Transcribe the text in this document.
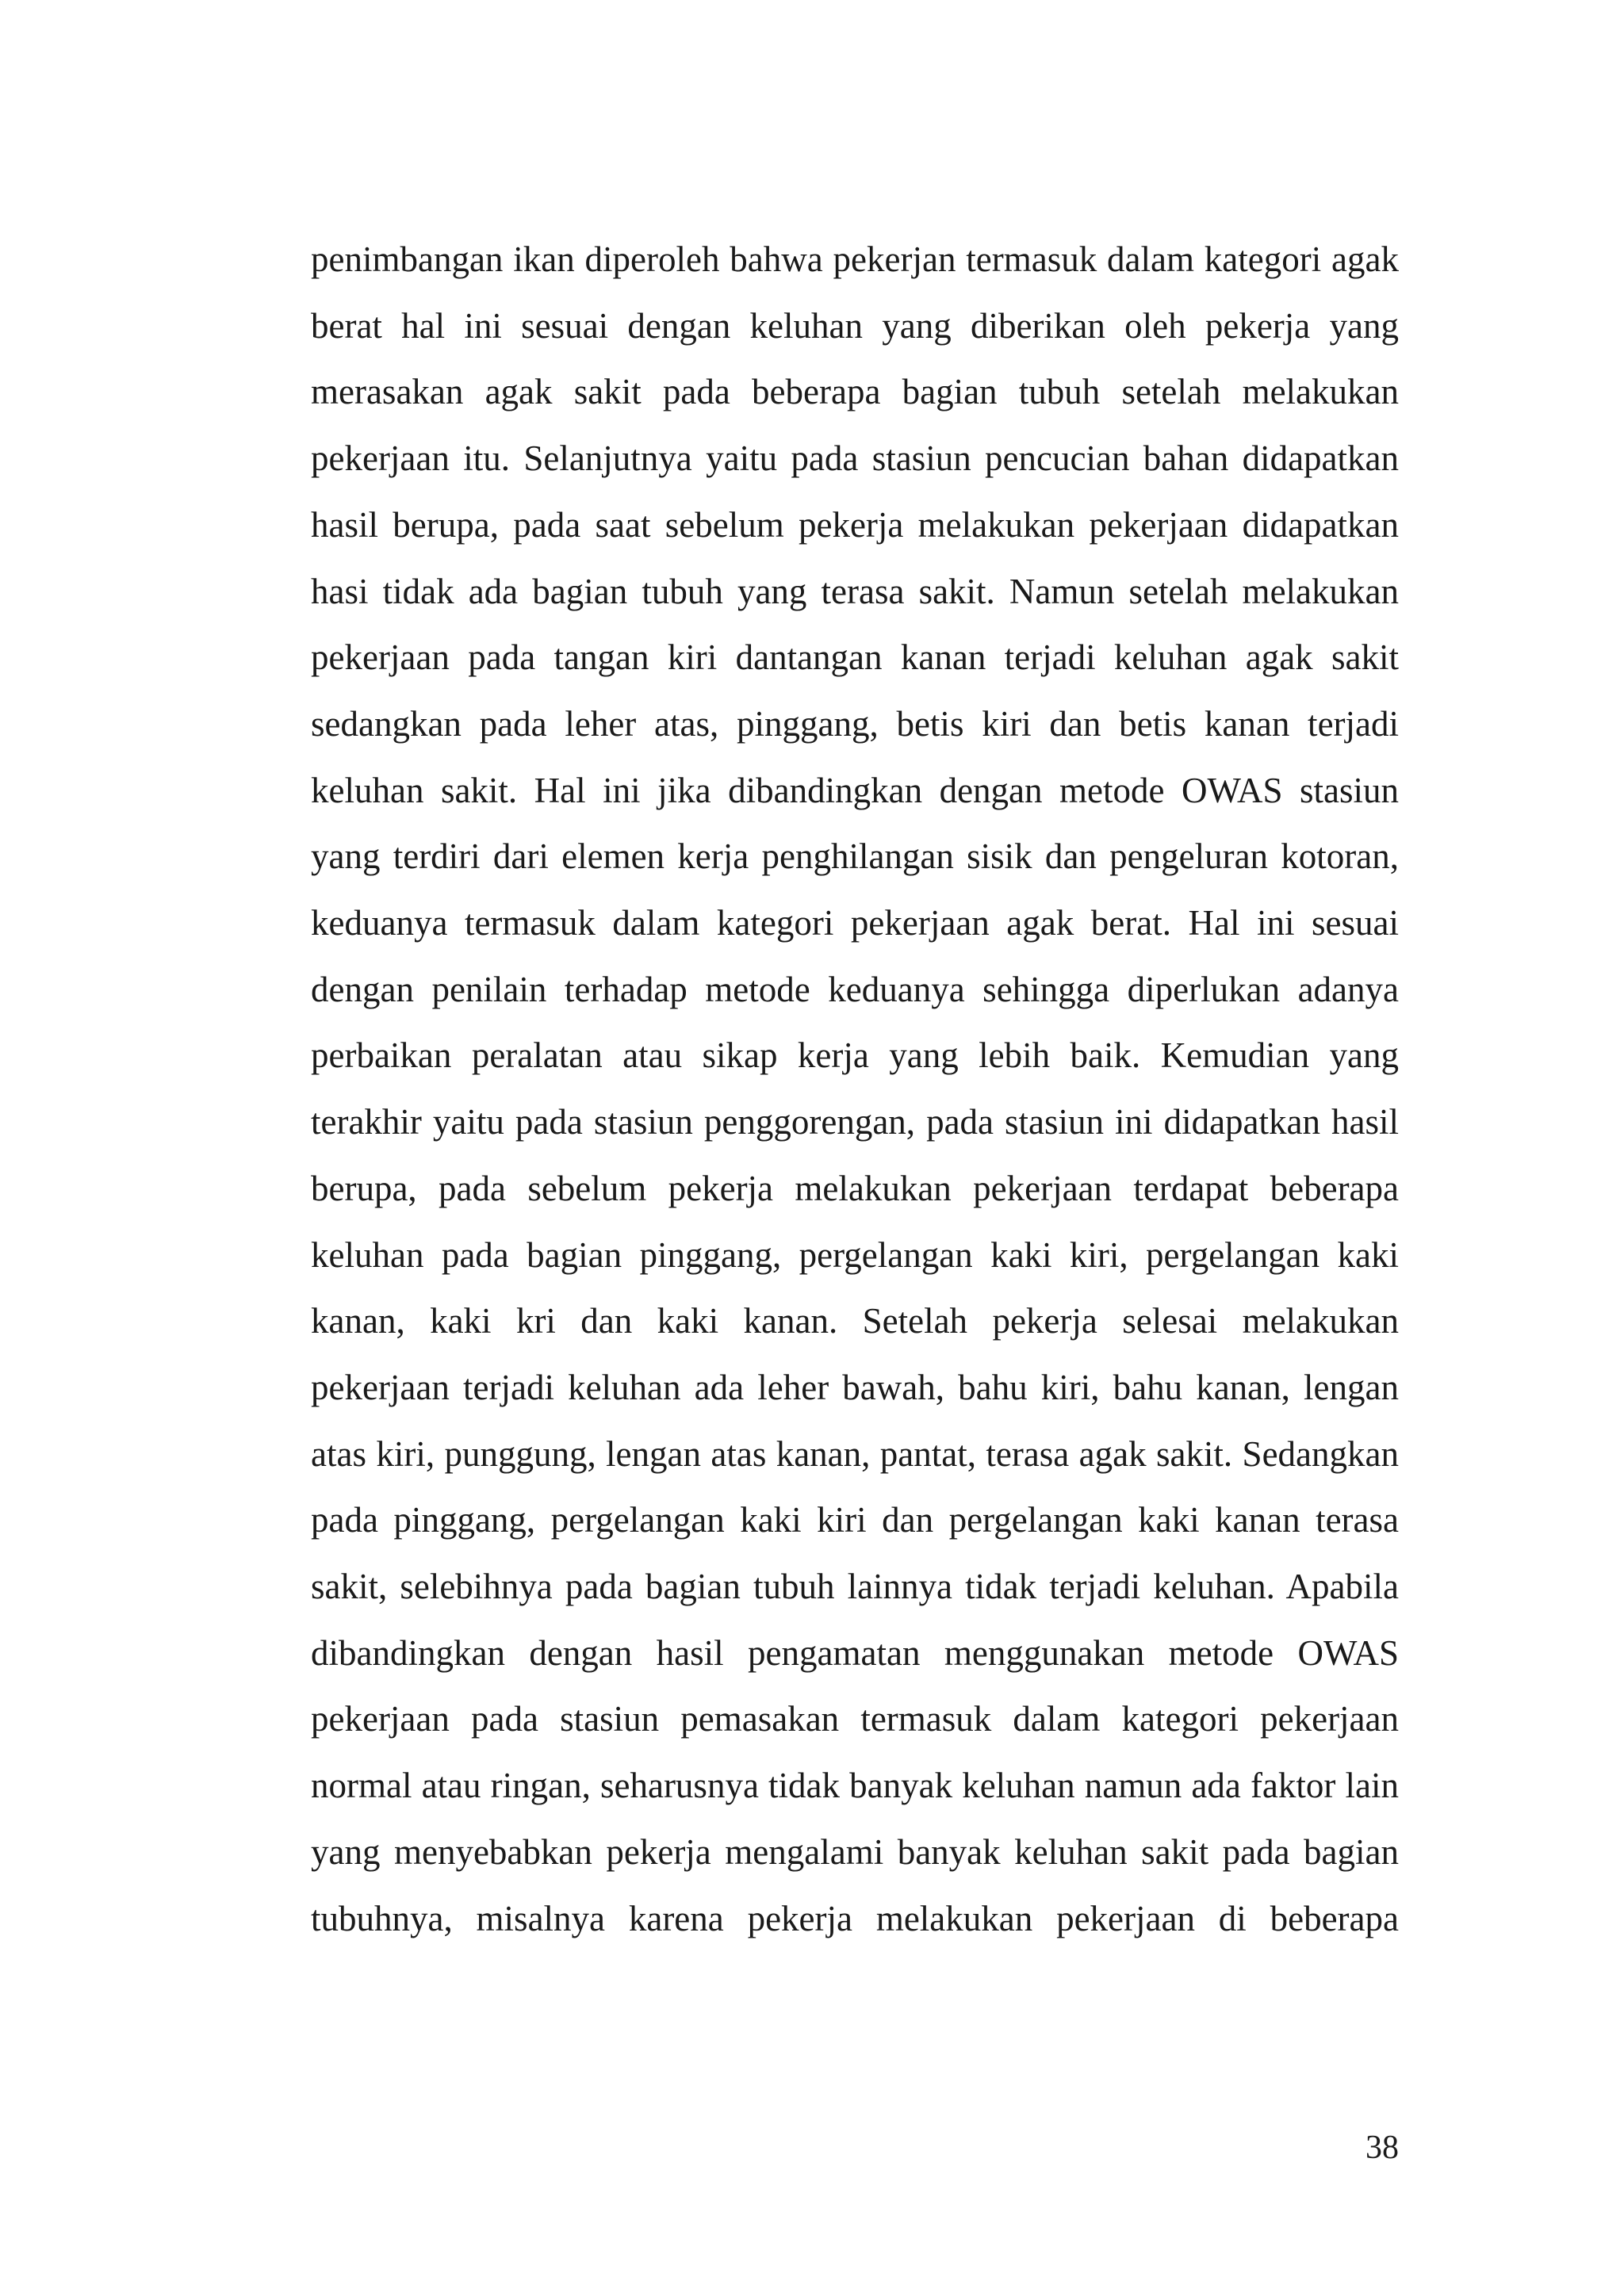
penimbangan ikan diperoleh bahwa pekerjan termasuk dalam kategori agak berat hal ini sesuai dengan keluhan yang diberikan oleh pekerja yang merasakan agak sakit pada beberapa bagian tubuh setelah melakukan pekerjaan itu. Selanjutnya yaitu pada stasiun pencucian bahan didapatkan hasil berupa, pada saat sebelum pekerja melakukan pekerjaan didapatkan hasi tidak ada bagian tubuh yang terasa sakit. Namun setelah melakukan pekerjaan pada tangan kiri dantangan kanan terjadi keluhan agak sakit sedangkan pada leher atas, pinggang, betis kiri dan betis kanan terjadi keluhan sakit. Hal ini jika dibandingkan dengan metode OWAS stasiun yang terdiri dari elemen kerja penghilangan sisik dan pengeluran kotoran, keduanya termasuk dalam kategori pekerjaan agak berat. Hal ini sesuai dengan penilain terhadap metode keduanya sehingga diperlukan adanya perbaikan peralatan atau sikap kerja yang lebih baik. Kemudian yang terakhir yaitu pada stasiun penggorengan, pada stasiun ini didapatkan hasil berupa, pada sebelum pekerja melakukan pekerjaan terdapat beberapa keluhan pada bagian pinggang, pergelangan kaki kiri, pergelangan kaki kanan, kaki kri dan kaki kanan. Setelah pekerja selesai melakukan pekerjaan terjadi keluhan ada leher bawah, bahu kiri, bahu kanan, lengan atas kiri, punggung, lengan atas kanan, pantat, terasa agak sakit. Sedangkan pada pinggang, pergelangan kaki kiri dan pergelangan kaki kanan terasa sakit, selebihnya pada bagian tubuh lainnya tidak terjadi keluhan. Apabila dibandingkan dengan hasil pengamatan menggunakan metode OWAS pekerjaan pada stasiun pemasakan termasuk dalam kategori pekerjaan normal atau ringan, seharusnya tidak banyak keluhan namun ada faktor lain yang menyebabkan pekerja mengalami banyak keluhan sakit pada bagian tubuhnya, misalnya karena pekerja melakukan pekerjaan di beberapa

38
